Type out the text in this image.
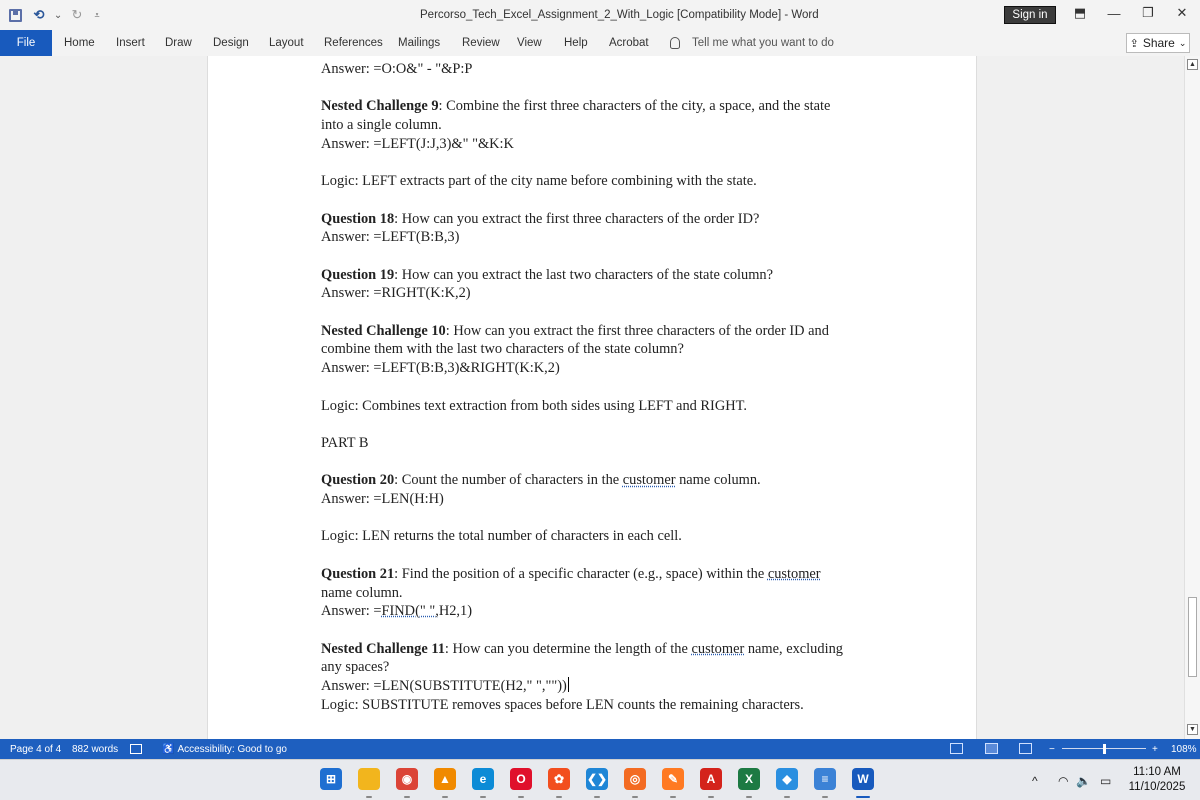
⟲ ⌄ ↻	⩡	Percorso_Tech_Excel_Assignment_2_With_Logic [Compatibility Mode] - Word	Sign in	⬒	—	❐	✕
File	Home Insert Draw Design Layout References Mailings Review View Help Acrobat	Tell me what you want to do	⇪ Share ⌄

Answer: =O:O&" - "&P:P

Nested Challenge 9: Combine the first three characters of the city, a space, and the state

into a single column.

Answer: =LEFT(J:J,3)&" "&K:K

Logic: LEFT extracts part of the city name before combining with the state.

Question 18: How can you extract the first three characters of the order ID?

Answer: =LEFT(B:B,3)

Question 19: How can you extract the last two characters of the state column?

Answer: =RIGHT(K:K,2)

Nested Challenge 10: How can you extract the first three characters of the order ID and

combine them with the last two characters of the state column?

Answer: =LEFT(B:B,3)&RIGHT(K:K,2)

Logic: Combines text extraction from both sides using LEFT and RIGHT.

PART B

Question 20: Count the number of characters in the customer name column.

Answer: =LEN(H:H)

Logic: LEN returns the total number of characters in each cell.

Question 21: Find the position of a specific character (e.g., space) within the customer

name column.

Answer: =FIND(" ",H2,1)

Nested Challenge 11: How can you determine the length of the customer name, excluding

any spaces?

Answer: =LEN(SUBSTITUTE(H2," ",""))

Logic: SUBSTITUTE removes spaces before LEN counts the remaining characters.

▲
▼
Page 4 of 4 882 words	♿ Accessibility: Good to go	−	+ 108%
⊞	◉	▲	e	O	✿	❮❯	◎	✎	A	X	◆	≡	W	^ ◠ 🔈 ▭
11:10 AM
11/10/2025
